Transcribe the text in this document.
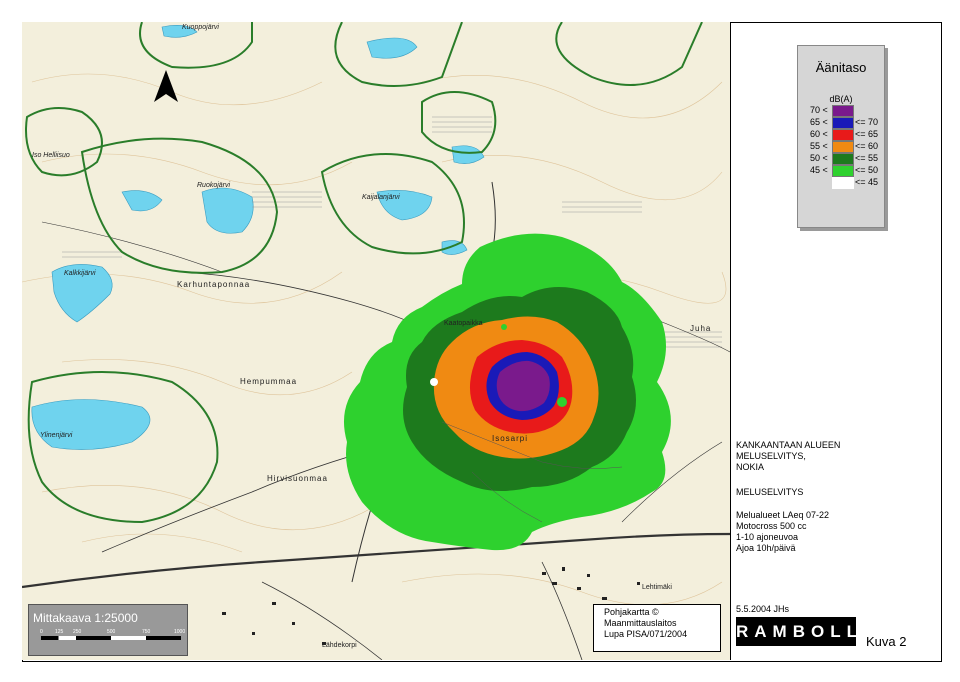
Iso Helliisuo
Ruokojärvi
Kaijalanjärvi
Kalkkijärvi
Karhuntaponnaa
Hempummaa
Ylinenjärvi
Hirvisuonmaa
Lehtimäki
Lähdekorpi
Isosarpi
Juha
Kaatopaikka
Kuoppojärvi
Äänitaso
dB(A)
70 <
65 <	<= 70
60 <	<= 65
55 <	<= 60
50 <	<= 55
45 <	<= 50
<= 45
KANKAANTAAN ALUEEN
MELUSELVITYS,
NOKIA
MELUSELVITYS
Melualueet LAeq 07-22
Motocross 500 cc
1-10 ajoneuvoa
Ajoa 10h/päivä
Mittakaava 1:25000
0 125 250	500	750	1000
Pohjakartta ©
Maanmittauslaitos
Lupa PISA/071/2004
5.5.2004 JHs
RAMBOLL
Kuva 2
